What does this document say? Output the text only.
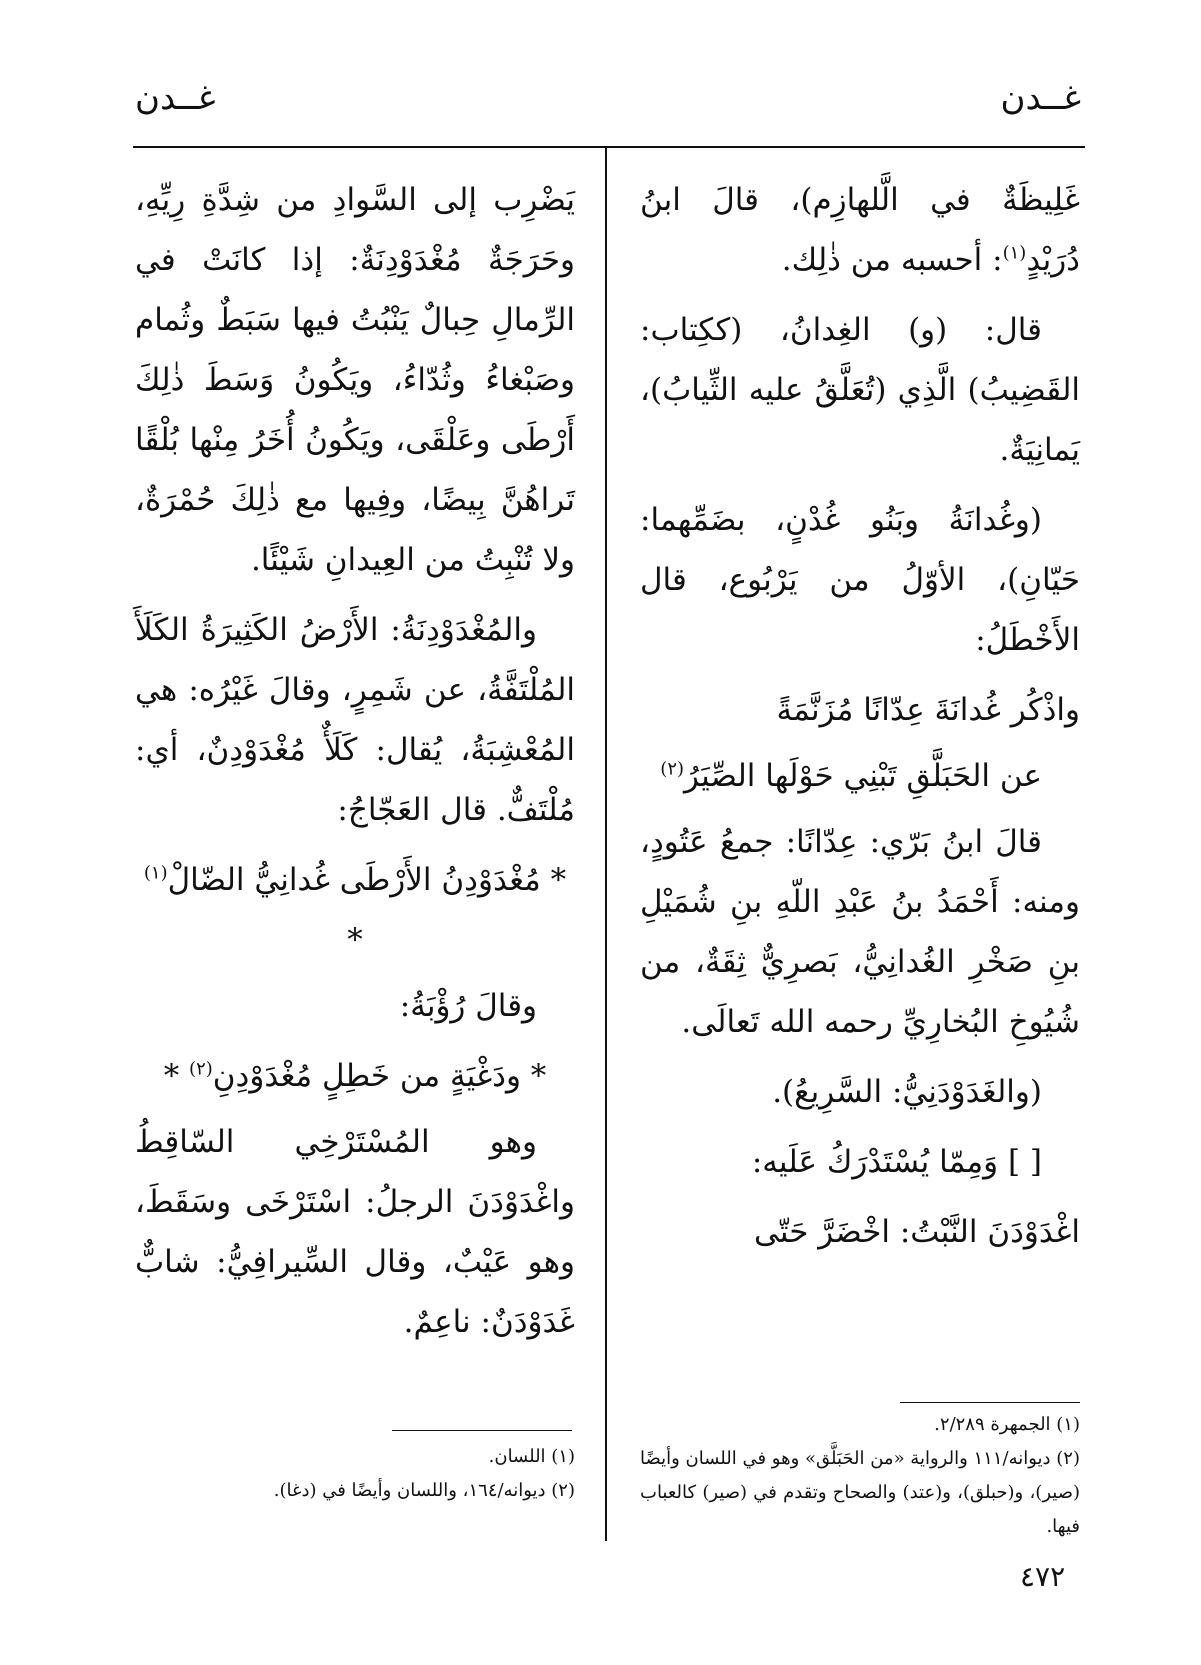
غــدن
غــدن

غَلِيظَةٌ في الَّلهازِم)، قالَ ابنُ دُرَيْدٍ$^{(١)}$: أحسبه من ذٰلِك.

قال: (و) الغِدانُ، (ككِتاب: القَضِيبُ) الَّذِي (تُعَلَّقُ عليه الثِّيابُ)، يَمانِيَةٌ.

(وغُدانَةُ وبَنُو غُدْنٍ، بضَمِّهما: حَيّانِ)، الأوّلُ من يَرْبُوع، قال الأَخْطَلُ:

واذْكُر غُدانَةَ عِدّانًا مُزَنَّمَةً

عن الحَبَلَّقِ تَبْنِي حَوْلَها الصِّيَرُ$^{(٢)}$

قالَ ابنُ بَرّي: عِدّانًا: جمعُ عَتُودٍ، ومنه: أَحْمَدُ بنُ عَبْدِ اللّهِ بنِ شُمَيْلِ بنِ صَخْرِ الغُدانِيُّ، بَصرِيٌّ ثِقَةٌ، من شُيُوخِ البُخارِيِّ رحمه الله تَعالَى.

(والغَدَوْدَنِيُّ: السَّرِيعُ).

[ ] وَمِمّا يُسْتَدْرَكُ عَلَيه:

اغْدَوْدَنَ النَّبْتُ: اخْضَرَّ حَتّى

يَضْرِب إلى السَّوادِ من شِدَّةِ رِيِّهِ، وحَرَجَةٌ مُغْدَوْدِنَةٌ: إذا كانَتْ في الرِّمالِ حِبالٌ يَنْبُتُ فيها سَبَطٌ وثُمام وصَبْغاءُ وثُدّاءُ، ويَكُونُ وَسَطَ ذٰلِكَ أَرْطَى وعَلْقَى، ويَكُونُ أُخَرُ مِنْها بُلْقًا تَراهُنَّ بِيضًا، وفِيها مع ذٰلِكَ حُمْرَةٌ، ولا تُنْبِتُ من العِيدانِ شَيْئًا.

والمُغْدَوْدِنَةُ: الأَرْضُ الكَثِيرَةُ الكَلَأَ المُلْتَفَّةُ، عن شَمِرٍ، وقالَ غَيْرُه: هي المُعْشِبَةُ، يُقال: كَلَأٌ مُغْدَوْدِنٌ، أي: مُلْتَفٌّ. قال العَجّاجُ:

* مُغْدَوْدِنُ الأَرْطَى غُدانِيُّ الضّالْ$^{(١)}$ *

وقالَ رُؤْبَةُ:

* ودَغْيَةٍ من خَطِلٍ مُغْدَوْدِنِ$^{(٢)}$ *

وهو المُسْتَرْخِي السّاقِطُ واغْدَوْدَنَ الرجلُ: اسْتَرْخَى وسَقَطَ، وهو عَيْبٌ، وقال السِّيرافِيُّ: شابٌّ غَدَوْدَنٌ: ناعِمٌ.

(١) الجمهرة ٢/٢٨٩.

(٢) ديوانه/١١١ والرواية «من الحَبَلَّق» وهو في اللسان وأيضًا (صير)، و(حبلق)، و(عتد) والصحاح وتقدم في (صير) كالعباب فيها.

(١) اللسان.

(٢) ديوانه/١٦٤، واللسان وأيضًا في (دغا).

٤٧٢
